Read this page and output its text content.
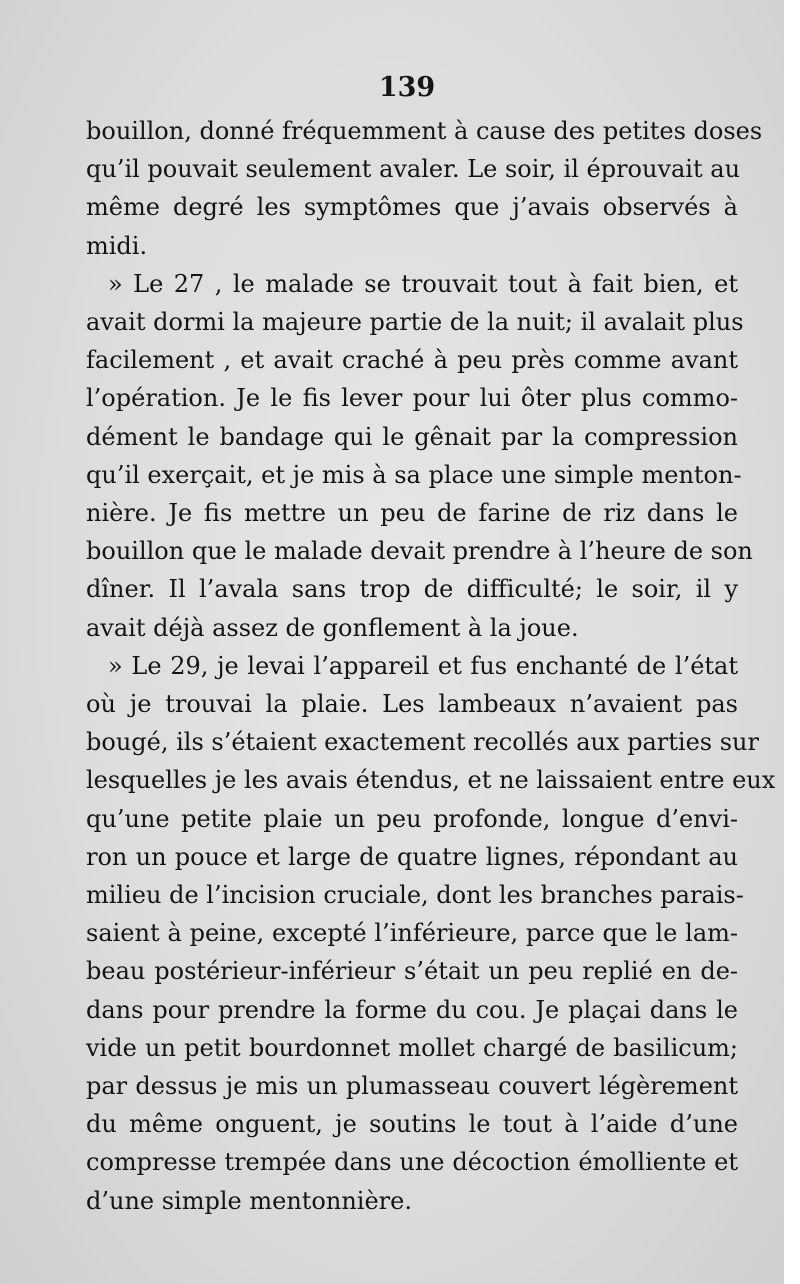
139
bouillon, donné fréquemment à cause des petites doses
qu’il pouvait seulement avaler. Le soir, il éprouvait au
même degré les symptômes que j’avais observés à
midi.
» Le 27 , le malade se trouvait tout à fait bien, et
avait dormi la majeure partie de la nuit; il avalait plus
facilement , et avait craché à peu près comme avant
l’opération. Je le fis lever pour lui ôter plus commo-
dément le bandage qui le gênait par la compression
qu’il exerçait, et je mis à sa place une simple menton-
nière. Je fis mettre un peu de farine de riz dans le
bouillon que le malade devait prendre à l’heure de son
dîner. Il l’avala sans trop de difficulté; le soir, il y
avait déjà assez de gonflement à la joue.
» Le 29, je levai l’appareil et fus enchanté de l’état
où je trouvai la plaie. Les lambeaux n’avaient pas
bougé, ils s’étaient exactement recollés aux parties sur
lesquelles je les avais étendus, et ne laissaient entre eux
qu’une petite plaie un peu profonde, longue d’envi-
ron un pouce et large de quatre lignes, répondant au
milieu de l’incision cruciale, dont les branches parais-
saient à peine, excepté l’inférieure, parce que le lam-
beau postérieur-inférieur s’était un peu replié en de-
dans pour prendre la forme du cou. Je plaçai dans le
vide un petit bourdonnet mollet chargé de basilicum;
par dessus je mis un plumasseau couvert légèrement
du même onguent, je soutins le tout à l’aide d’une
compresse trempée dans une décoction émolliente et
d’une simple mentonnière.
